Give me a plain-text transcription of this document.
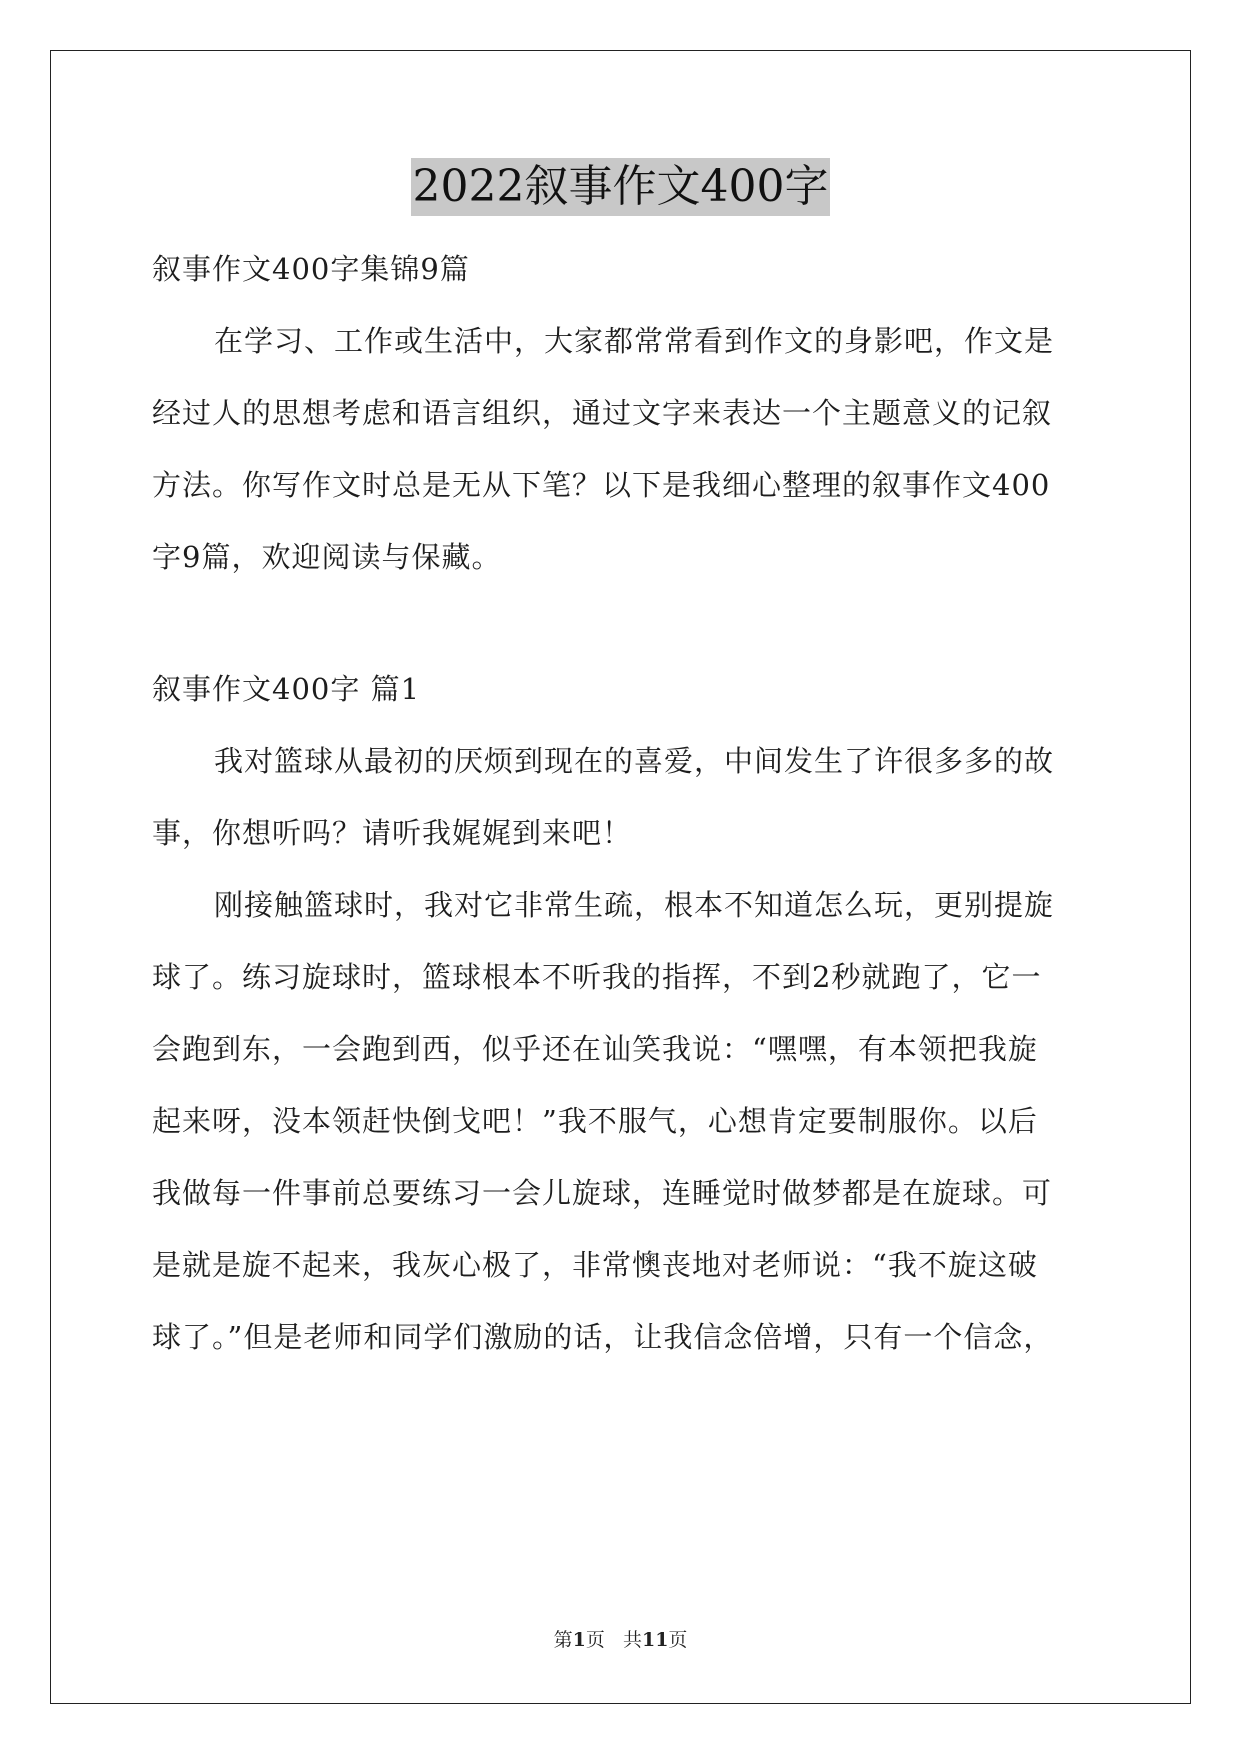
2022叙事作文400字
叙事作文400字集锦9篇
在学习、工作或生活中，大家都常常看到作文的身影吧，作文是
经过人的思想考虑和语言组织，通过文字来表达一个主题意义的记叙
方法。你写作文时总是无从下笔？以下是我细心整理的叙事作文400
字9篇，欢迎阅读与保藏。
叙事作文400字 篇1
我对篮球从最初的厌烦到现在的喜爱，中间发生了许很多多的故
事，你想听吗？请听我娓娓到来吧！
刚接触篮球时，我对它非常生疏，根本不知道怎么玩，更别提旋
球了。练习旋球时，篮球根本不听我的指挥，不到2秒就跑了，它一
会跑到东，一会跑到西，似乎还在讪笑我说：“嘿嘿，有本领把我旋
起来呀，没本领赶快倒戈吧！”我不服气，心想肯定要制服你。以后
我做每一件事前总要练习一会儿旋球，连睡觉时做梦都是在旋球。可
是就是旋不起来，我灰心极了，非常懊丧地对老师说：“我不旋这破
球了。”但是老师和同学们激励的话，让我信念倍增，只有一个信念，
第1页 共11页
